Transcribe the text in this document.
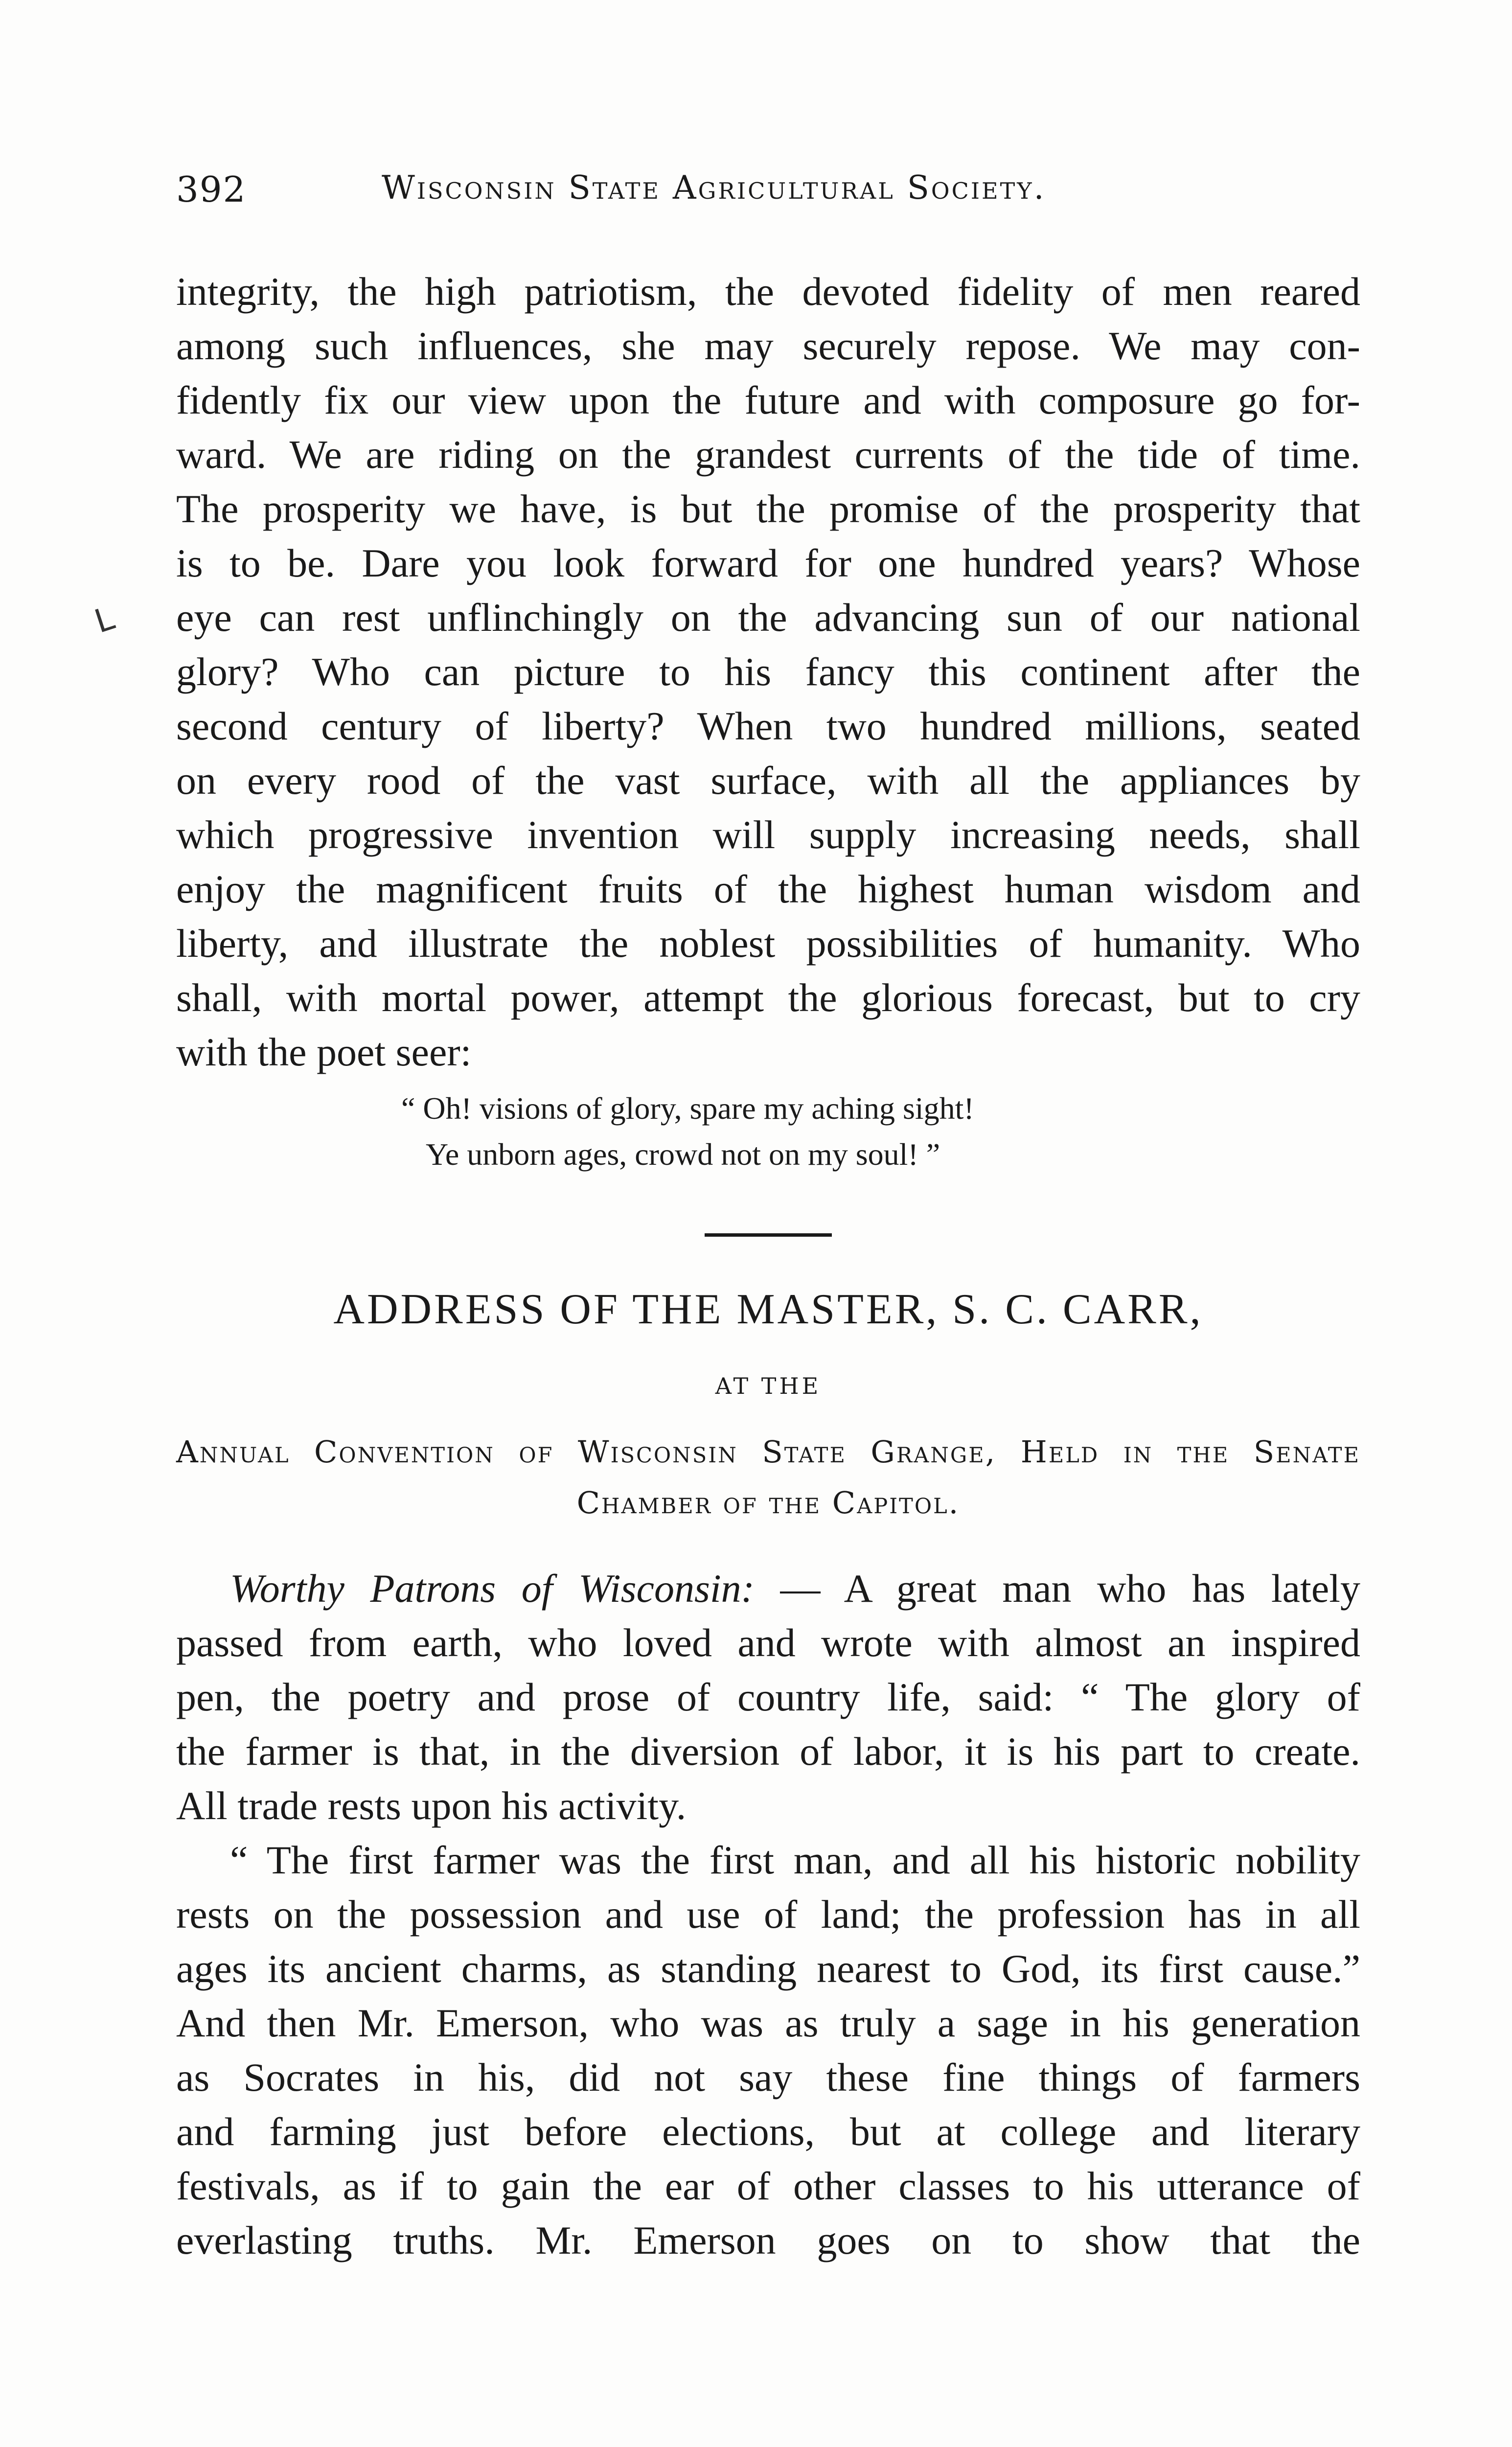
392	Wisconsin State Agricultural Society.
L
integrity, the high patriotism, the devoted fidelity of men reared
among such influences, she may securely repose. We may con-
fidently fix our view upon the future and with composure go for-
ward. We are riding on the grandest currents of the tide of time.
The prosperity we have, is but the promise of the prosperity that
is to be. Dare you look forward for one hundred years? Whose
eye can rest unflinchingly on the advancing sun of our national
glory? Who can picture to his fancy this continent after the
second century of liberty? When two hundred millions, seated
on every rood of the vast surface, with all the appliances by
which progressive invention will supply increasing needs, shall
enjoy the magnificent fruits of the highest human wisdom and
liberty, and illustrate the noblest possibilities of humanity. Who
shall, with mortal power, attempt the glorious forecast, but to cry
with the poet seer:
“ Oh! visions of glory, spare my aching sight!
Ye unborn ages, crowd not on my soul! ”
ADDRESS OF THE MASTER, S. C. CARR,
AT THE
Annual Convention of Wisconsin State Grange, Held in the Senate
Chamber of the Capitol.
Worthy Patrons of Wisconsin: — A great man who has lately
passed from earth, who loved and wrote with almost an inspired
pen, the poetry and prose of country life, said: “ The glory of
the farmer is that, in the diversion of labor, it is his part to create.
All trade rests upon his activity.
“ The first farmer was the first man, and all his historic nobility
rests on the possession and use of land; the profession has in all
ages its ancient charms, as standing nearest to God, its first cause.”
And then Mr. Emerson, who was as truly a sage in his generation
as Socrates in his, did not say these fine things of farmers
and farming just before elections, but at college and literary
festivals, as if to gain the ear of other classes to his utterance of
everlasting truths. Mr. Emerson goes on to show that the
